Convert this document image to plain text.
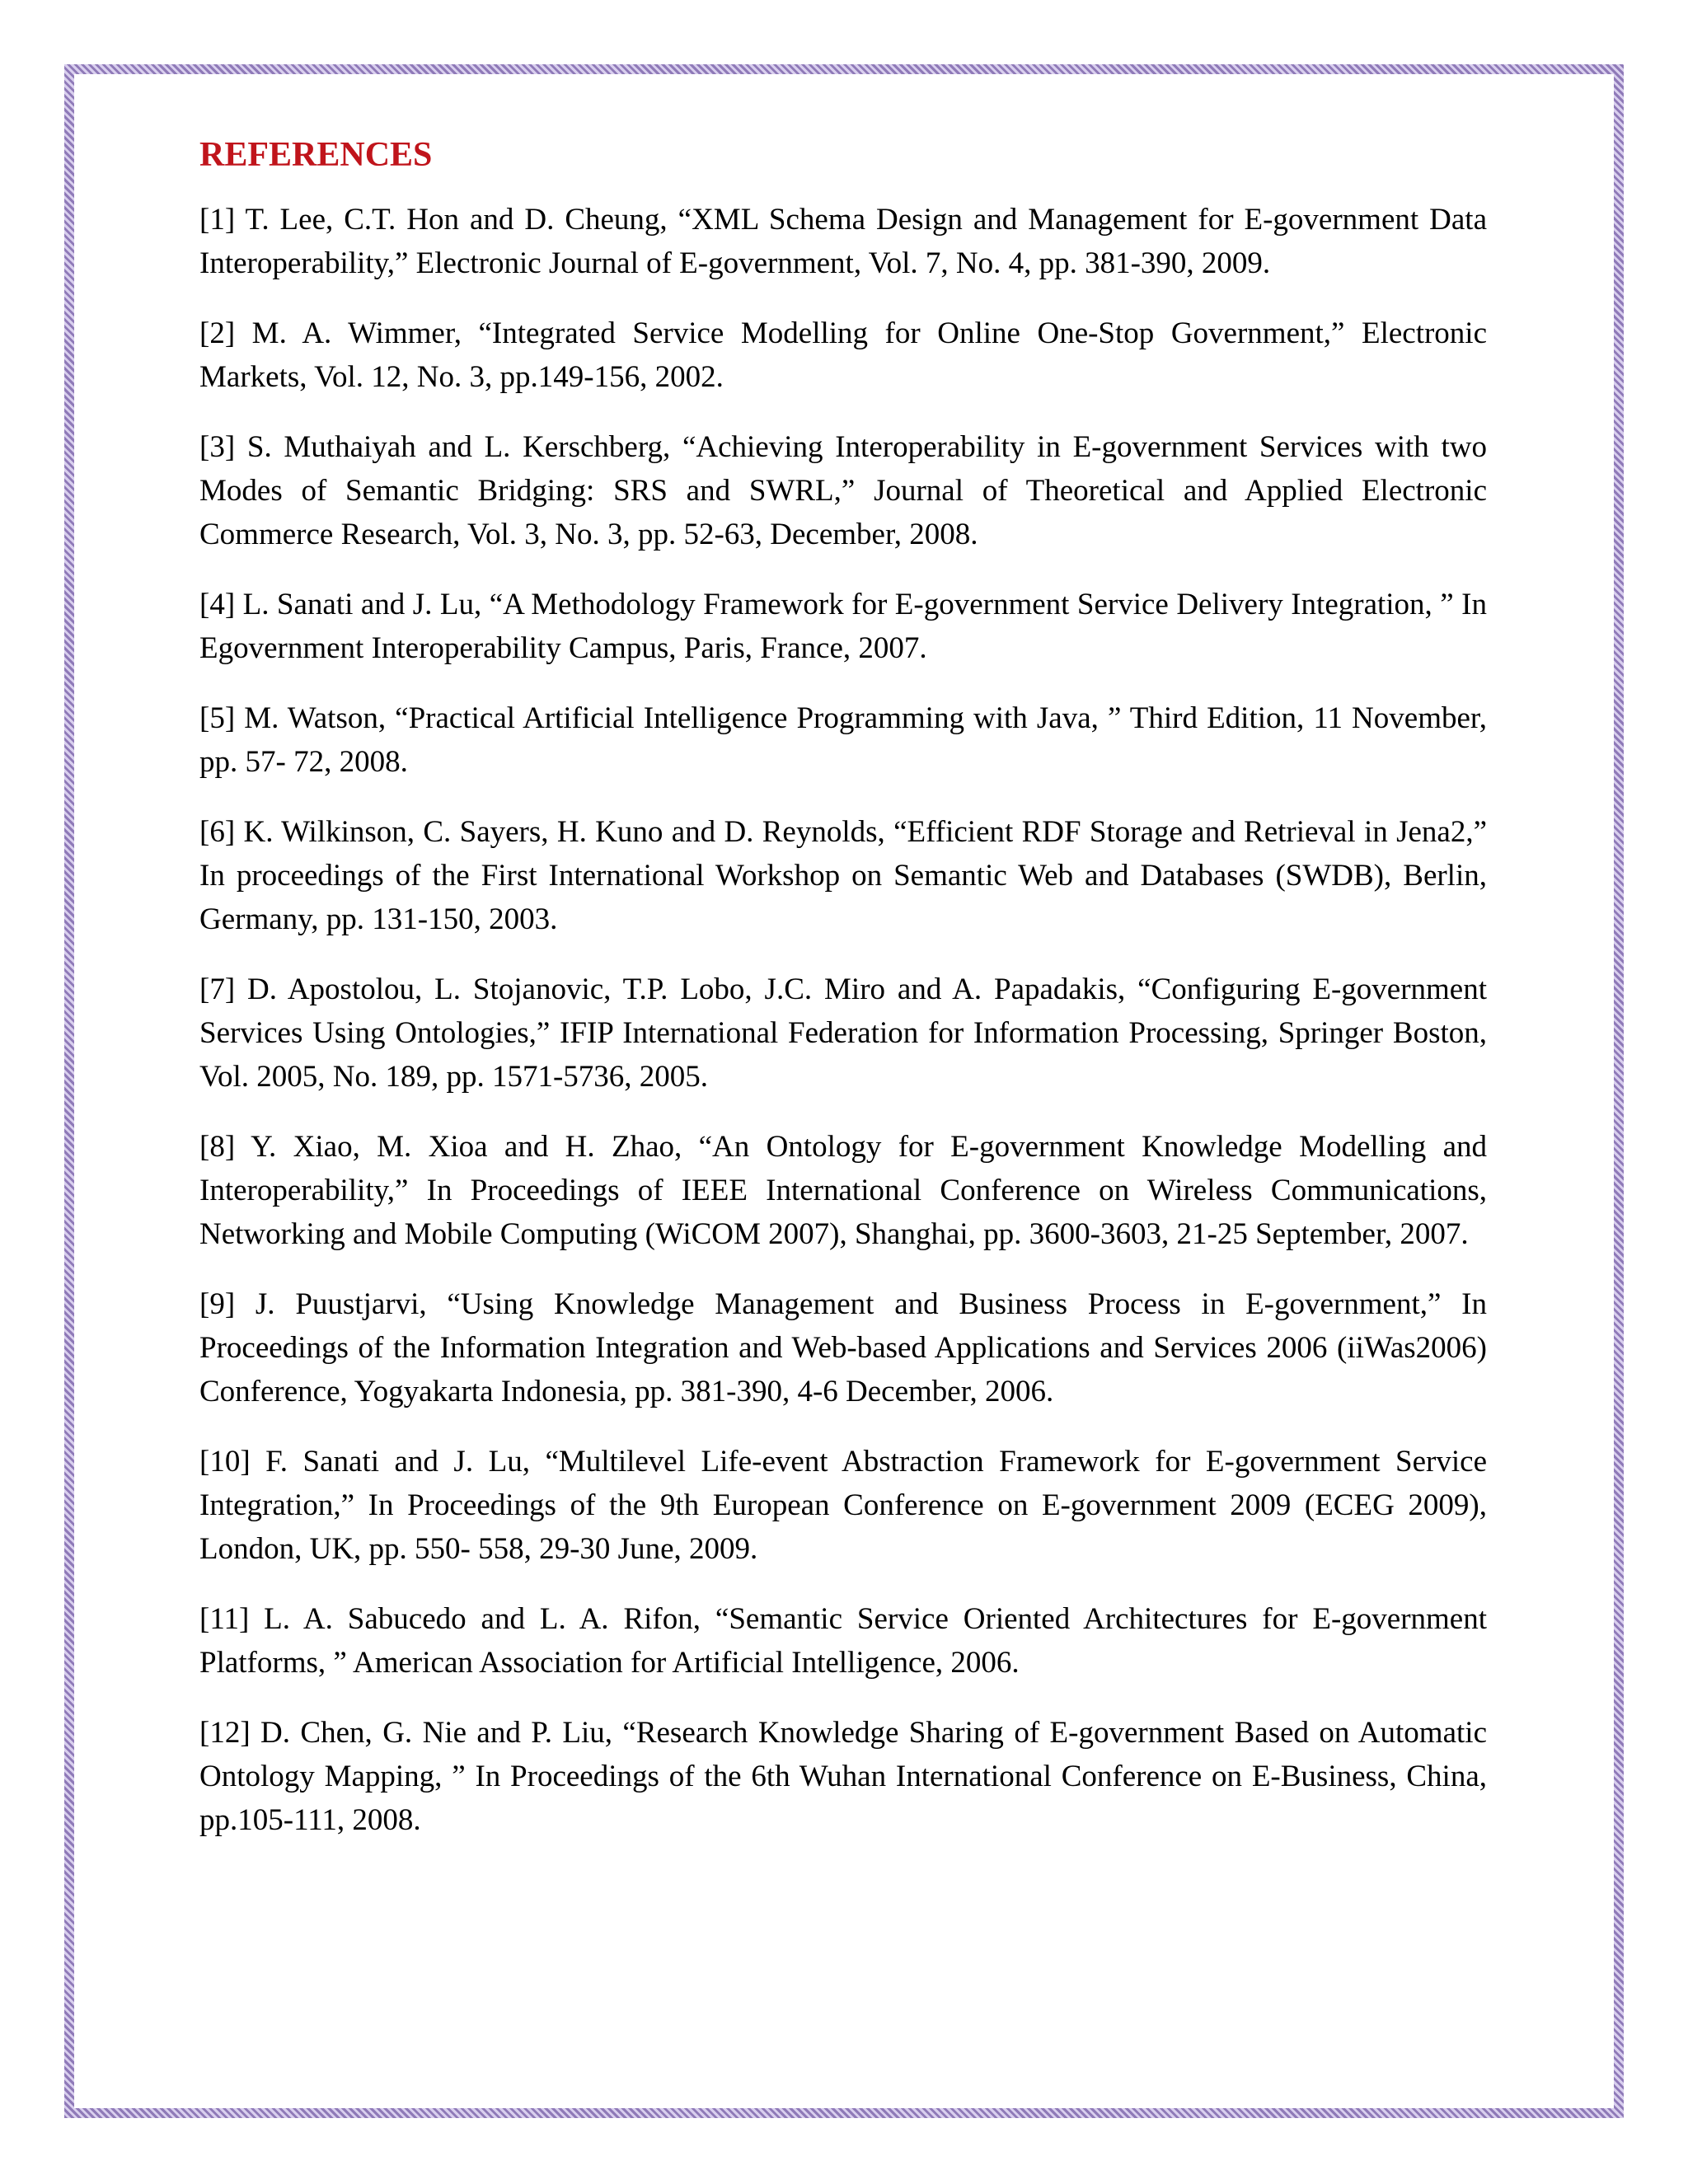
REFERENCES

[1] T. Lee, C.T. Hon and D. Cheung, “XML Schema Design and Management for E-government Data Interoperability,” Electronic Journal of E-government, Vol. 7, No. 4, pp. 381-390, 2009.

[2] M. A. Wimmer, “Integrated Service Modelling for Online One-Stop Government,” Electronic Markets, Vol. 12, No. 3, pp.149-156, 2002.

[3] S. Muthaiyah and L. Kerschberg, “Achieving Interoperability in E-government Services with two Modes of Semantic Bridging: SRS and SWRL,” Journal of Theoretical and Applied Electronic Commerce Research, Vol. 3, No. 3, pp. 52-63, December, 2008.

[4] L. Sanati and J. Lu, “A Methodology Framework for E-government Service Delivery Integration, ” In Egovernment Interoperability Campus, Paris, France, 2007.

[5] M. Watson, “Practical Artificial Intelligence Programming with Java, ” Third Edition, 11 November, pp. 57- 72, 2008.

[6] K. Wilkinson, C. Sayers, H. Kuno and D. Reynolds, “Efficient RDF Storage and Retrieval in Jena2,” In proceedings of the First International Workshop on Semantic Web and Databases (SWDB), Berlin, Germany, pp. 131-150, 2003.

[7] D. Apostolou, L. Stojanovic, T.P. Lobo, J.C. Miro and A. Papadakis, “Configuring E-government Services Using Ontologies,” IFIP International Federation for Information Processing, Springer Boston, Vol. 2005, No. 189, pp. 1571-5736, 2005.

[8] Y. Xiao, M. Xioa and H. Zhao, “An Ontology for E-government Knowledge Modelling and Interoperability,” In Proceedings of IEEE International Conference on Wireless Communications, Networking and Mobile Computing (WiCOM 2007), Shanghai, pp. 3600-3603, 21-25 September, 2007.

[9] J. Puustjarvi, “Using Knowledge Management and Business Process in E-government,” In Proceedings of the Information Integration and Web-based Applications and Services 2006 (iiWas2006) Conference, Yogyakarta Indonesia, pp. 381-390, 4-6 December, 2006.

[10] F. Sanati and J. Lu, “Multilevel Life-event Abstraction Framework for E-government Service Integration,” In Proceedings of the 9th European Conference on E-government 2009 (ECEG 2009), London, UK, pp. 550- 558, 29-30 June, 2009.

[11] L. A. Sabucedo and L. A. Rifon, “Semantic Service Oriented Architectures for E-government Platforms, ” American Association for Artificial Intelligence, 2006.

[12] D. Chen, G. Nie and P. Liu, “Research Knowledge Sharing of E-government Based on Automatic Ontology Mapping, ” In Proceedings of the 6th Wuhan International Conference on E-Business, China, pp.105-111, 2008.
